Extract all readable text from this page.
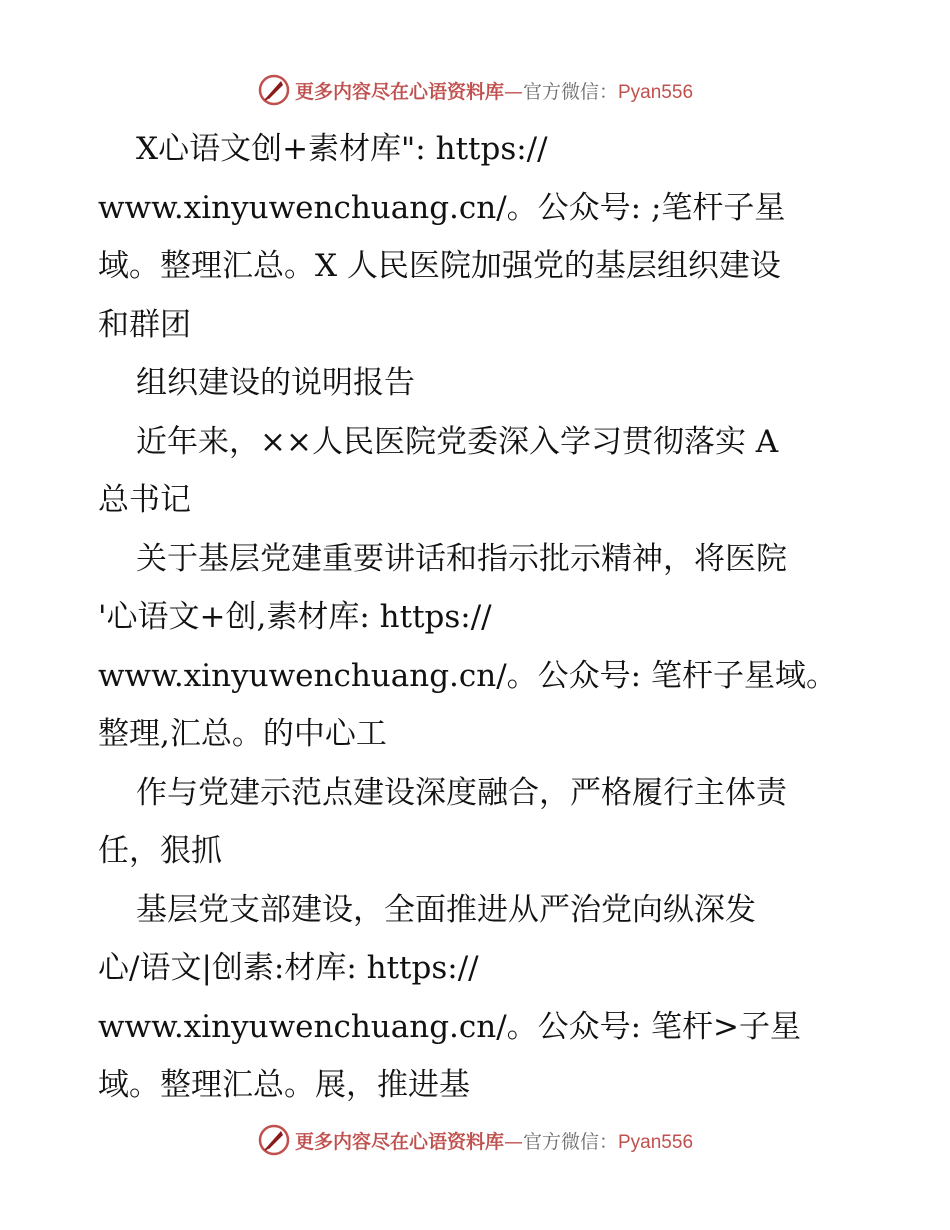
更多内容尽在心语资料库—官方微信：Pyan556
X心语文创+素材库": https://
www.xinyuwenchuang.cn/。公众号: ;笔杆子星
域。整理汇总。X 人民医院加强党的基层组织建设
和群团
组织建设的说明报告
近年来，××人民医院党委深入学习贯彻落实 A
总书记
关于基层党建重要讲话和指示批示精神，将医院
'心语文+创,素材库: https://
www.xinyuwenchuang.cn/。公众号: 笔杆子星域。
整理,汇总。的中心工
作与党建示范点建设深度融合，严格履行主体责
任，狠抓
基层党支部建设，全面推进从严治党向纵深发
心/语文|创素:材库: https://
www.xinyuwenchuang.cn/。公众号: 笔杆>子星
域。整理汇总。展，推进基
更多内容尽在心语资料库—官方微信：Pyan556
